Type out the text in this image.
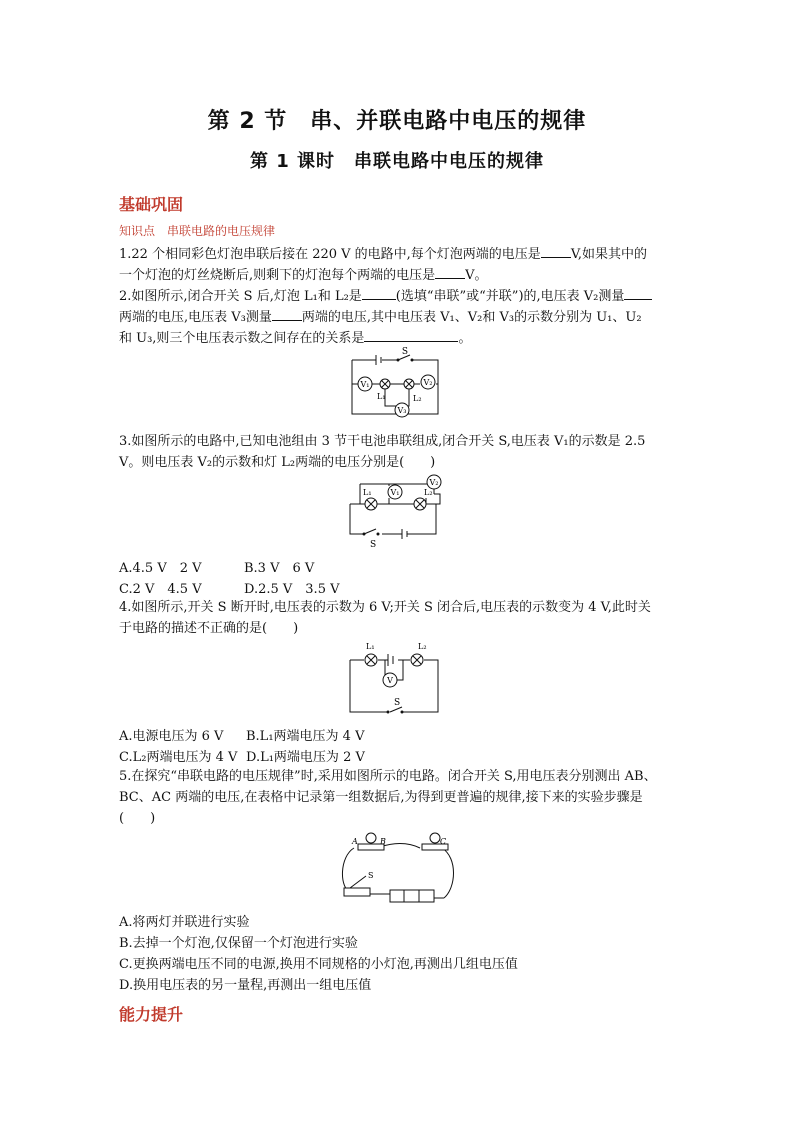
第 2 节　串、并联电路中电压的规律
第 1 课时　串联电路中电压的规律
基础巩固
知识点　串联电路的电压规律
1.22 个相同彩色灯泡串联后接在 220 V 的电路中,每个灯泡两端的电压是 V,如果其中的
一个灯泡的灯丝烧断后,则剩下的灯泡每个两端的电压是 V。
2.如图所示,闭合开关 S 后,灯泡 L₁和 L₂是	(选填“串联”或“并联”)的,电压表 V₂测量
两端的电压,电压表 V₃测量 两端的电压,其中电压表 V₁、V₂和 V₃的示数分别为 U₁、U₂
和 U₃,则三个电压表示数之间存在的关系是	。
S
V₁	V₂
L₁	L₂
V₃
3.如图所示的电路中,已知电池组由 3 节干电池串联组成,闭合开关 S,电压表 V₁的示数是 2.5
V。则电压表 V₂的示数和灯 L₂两端的电压分别是(　　)
S
L₁	L₂
V₁
V₂
A.4.5 V　2 V	B.3 V　6 V
C.2 V　4.5 V	D.2.5 V　3.5 V
4.如图所示,开关 S 断开时,电压表的示数为 6 V;开关 S 闭合后,电压表的示数变为 4 V,此时关
于电路的描述不正确的是(　　)
S
L₁	L₂
V
A.电源电压为 6 V B.L₁两端电压为 4 V
C.L₂两端电压为 4 V D.L₁两端电压为 2 V
5.在探究“串联电路的电压规律”时,采用如图所示的电路。闭合开关 S,用电压表分别测出 AB、
BC、AC 两端的电压,在表格中记录第一组数据后,为得到更普遍的规律,接下来的实验步骤是
(　　)
A	B	C
S
A.将两灯并联进行实验
B.去掉一个灯泡,仅保留一个灯泡进行实验
C.更换两端电压不同的电源,换用不同规格的小灯泡,再测出几组电压值
D.换用电压表的另一量程,再测出一组电压值
能力提升
